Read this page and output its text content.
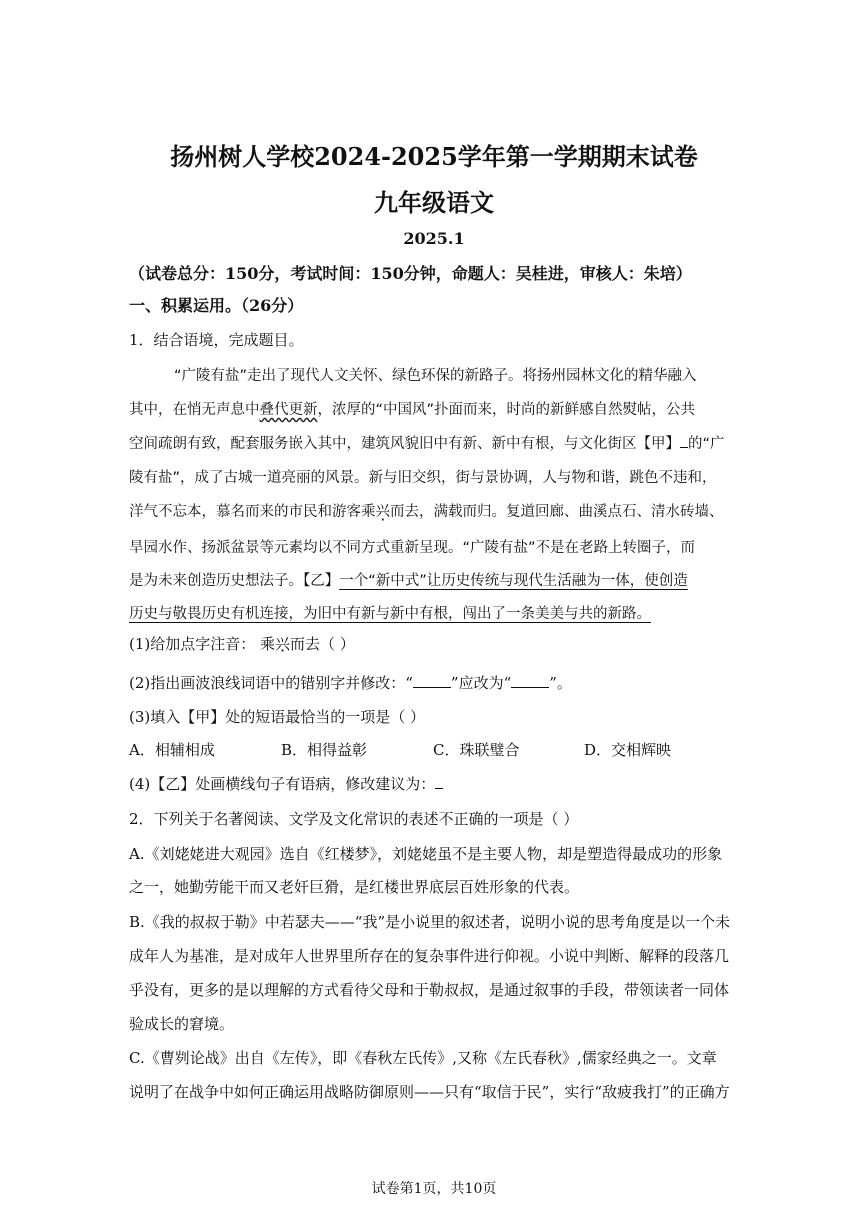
扬州树人学校2024-2025学年第一学期期末试卷
九年级语文
2025.1
（试卷总分：150分，考试时间：150分钟，命题人：吴桂进，审核人：朱培）
一、积累运用。（26分）
1．结合语境，完成题目。
“广陵有盐”走出了现代人文关怀、绿色环保的新路子。将扬州园林文化的精华融入
其中，在悄无声息中叠代更新，浓厚的“中国风”扑面而来，时尚的新鲜感自然熨帖，公共
空间疏朗有致，配套服务嵌入其中，建筑风貌旧中有新、新中有根，与文化街区【甲】 的“广
陵有盐”，成了古城一道亮丽的风景。新与旧交织，街与景协调，人与物和谐，跳色不违和，
洋气不忘本，慕名而来的市民和游客乘兴而去，满载而归。复道回廊、曲溪点石、清水砖墙、
旱园水作、扬派盆景等元素均以不同方式重新呈现。“广陵有盐”不是在老路上转圈子，而
是为未来创造历史想法子。【乙】一个“新中式”让历史传统与现代生活融为一体，使创造
历史与敬畏历史有机连接，为旧中有新与新中有根，闯出了一条美美与共的新路。
(1)给加点字注音： 乘兴而去（ ）
(2)指出画波浪线词语中的错别字并修改：“	”应改为“	”。
(3)填入【甲】处的短语最恰当的一项是（ ）
A．相辅相成	B．相得益彰	C．珠联璧合	D．交相辉映
(4)【乙】处画横线句子有语病，修改建议为：
2．下列关于名著阅读、文学及文化常识的表述不正确的一项是（ ）
A.《刘姥姥进大观园》选自《红楼梦》，刘姥姥虽不是主要人物，却是塑造得最成功的形象
之一，她勤劳能干而又老奸巨猾，是红楼世界底层百姓形象的代表。
B.《我的叔叔于勒》中若瑟夫——“我”是小说里的叙述者，说明小说的思考角度是以一个未
成年人为基准，是对成年人世界里所存在的复杂事件进行仰视。小说中判断、解释的段落几
乎没有，更多的是以理解的方式看待父母和于勒叔叔，是通过叙事的手段，带领读者一同体
验成长的窘境。
C.《曹刿论战》出自《左传》，即《春秋左氏传》,又称《左氏春秋》,儒家经典之一。文章
说明了在战争中如何正确运用战略防御原则——只有“取信于民”，实行“敌疲我打”的正确方
试卷第1页，共10页
